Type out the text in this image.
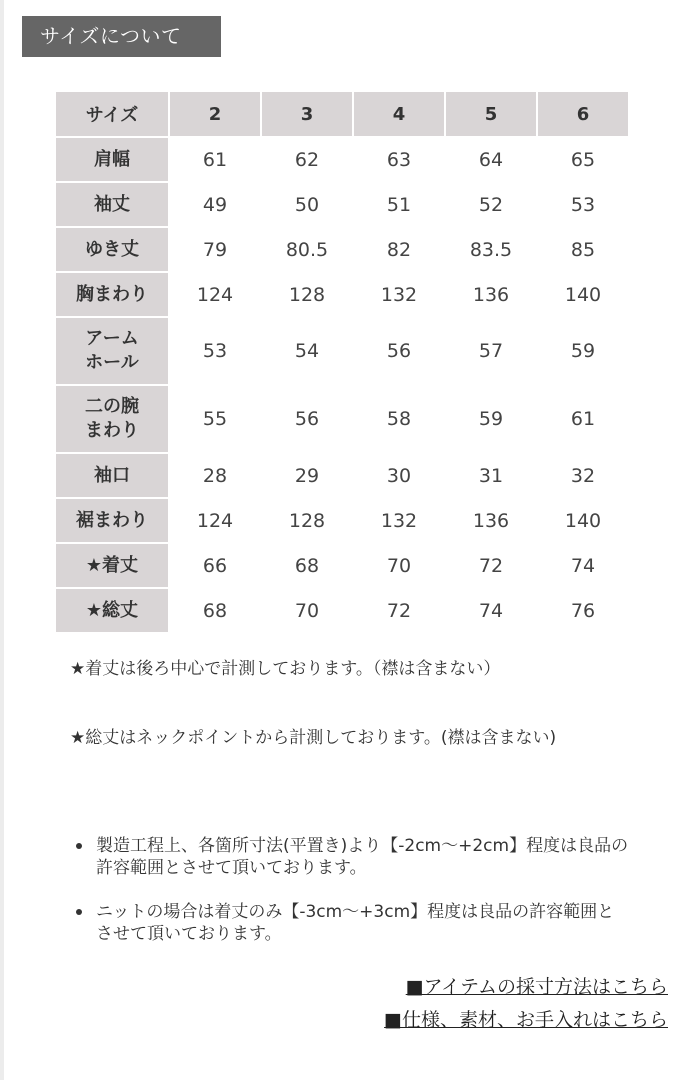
サイズについて
サイズ	2	3	4	5	6
肩幅	61	62	63	64	65
袖丈	49	50	51	52	53
ゆき丈	79	80.5	82	83.5	85
胸まわり	124	128	132	136	140
アーム
ホール	53	54	56	57	59
二の腕
まわり	55	56	58	59	61
袖口	28	29	30	31	32
裾まわり	124	128	132	136	140
★着丈	66	68	70	72	74
★総丈	68	70	72	74	76
★着丈は後ろ中心で計測しております。（襟は含まない）
★総丈はネックポイントから計測しております。(襟は含まない)
製造工程上、各箇所寸法(平置き)より【-2cm～+2cm】程度は良品の許容範囲とさせて頂いております。
ニットの場合は着丈のみ【-3cm～+3cm】程度は良品の許容範囲とさせて頂いております。
■アイテムの採寸方法はこちら
■仕様、素材、お手入れはこちら
